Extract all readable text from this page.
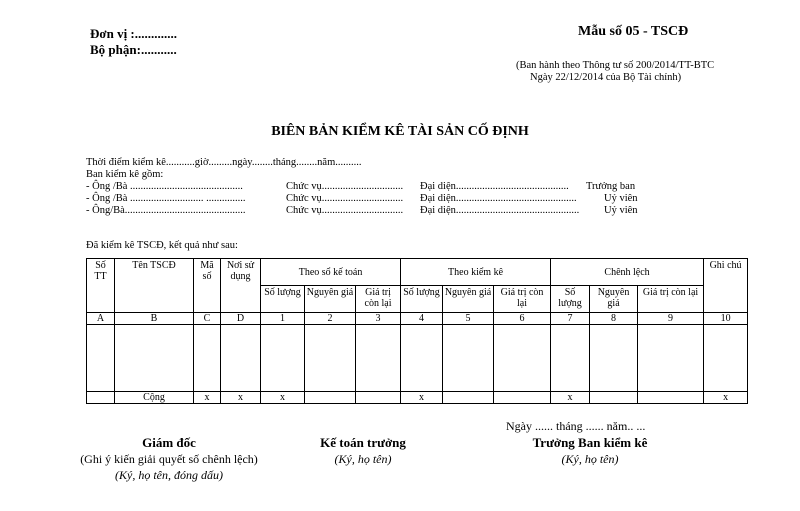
Đơn vị :.............
Bộ phận:...........
Mẫu số 05 - TSCĐ
(Ban hành theo Thông tư số 200/2014/TT-BTC
Ngày 22/12/2014 của Bộ Tài chính)
BIÊN BẢN KIỂM KÊ TÀI SẢN CỐ ĐỊNH
Thời điểm kiểm kê...........giờ.........ngày........tháng........năm..........
Ban kiểm kê gồm:
- Ông /Bà ...........................................	Chức vụ............................... Đại diện........................................... Trưởng ban
- Ông /Bà ............................ ...............	Chức vụ............................... Đại diện..............................................	Uỷ viên
- Ông/Bà..............................................	Chức vụ............................... Đại diện............................................... Uỷ viên
Đã kiểm kê TSCĐ, kết quả như sau:
Số TT	Tên TSCĐ	Mã số	Nơi sử dụng	Theo sổ kế toán			Theo kiểm kê			Chênh lệch			Ghi chú
				Số lượng	Nguyên giá	Giá trị còn lại	Số lượng	Nguyên giá	Giá trị còn lại	Số lượng	Nguyên giá	Giá trị còn lại	
A	B	C	D	1	2	3	4	5	6	7	8	9	10

	Cộng	x	x	x			x			x			x
Ngày ...... tháng ...... năm.. ...
Giám đốc
(Ghi ý kiến giải quyết số chênh lệch)
(Ký, họ tên, đóng dấu)
Kế toán trưởng
(Ký, họ tên)
Trưởng Ban kiểm kê
(Ký, họ tên)
